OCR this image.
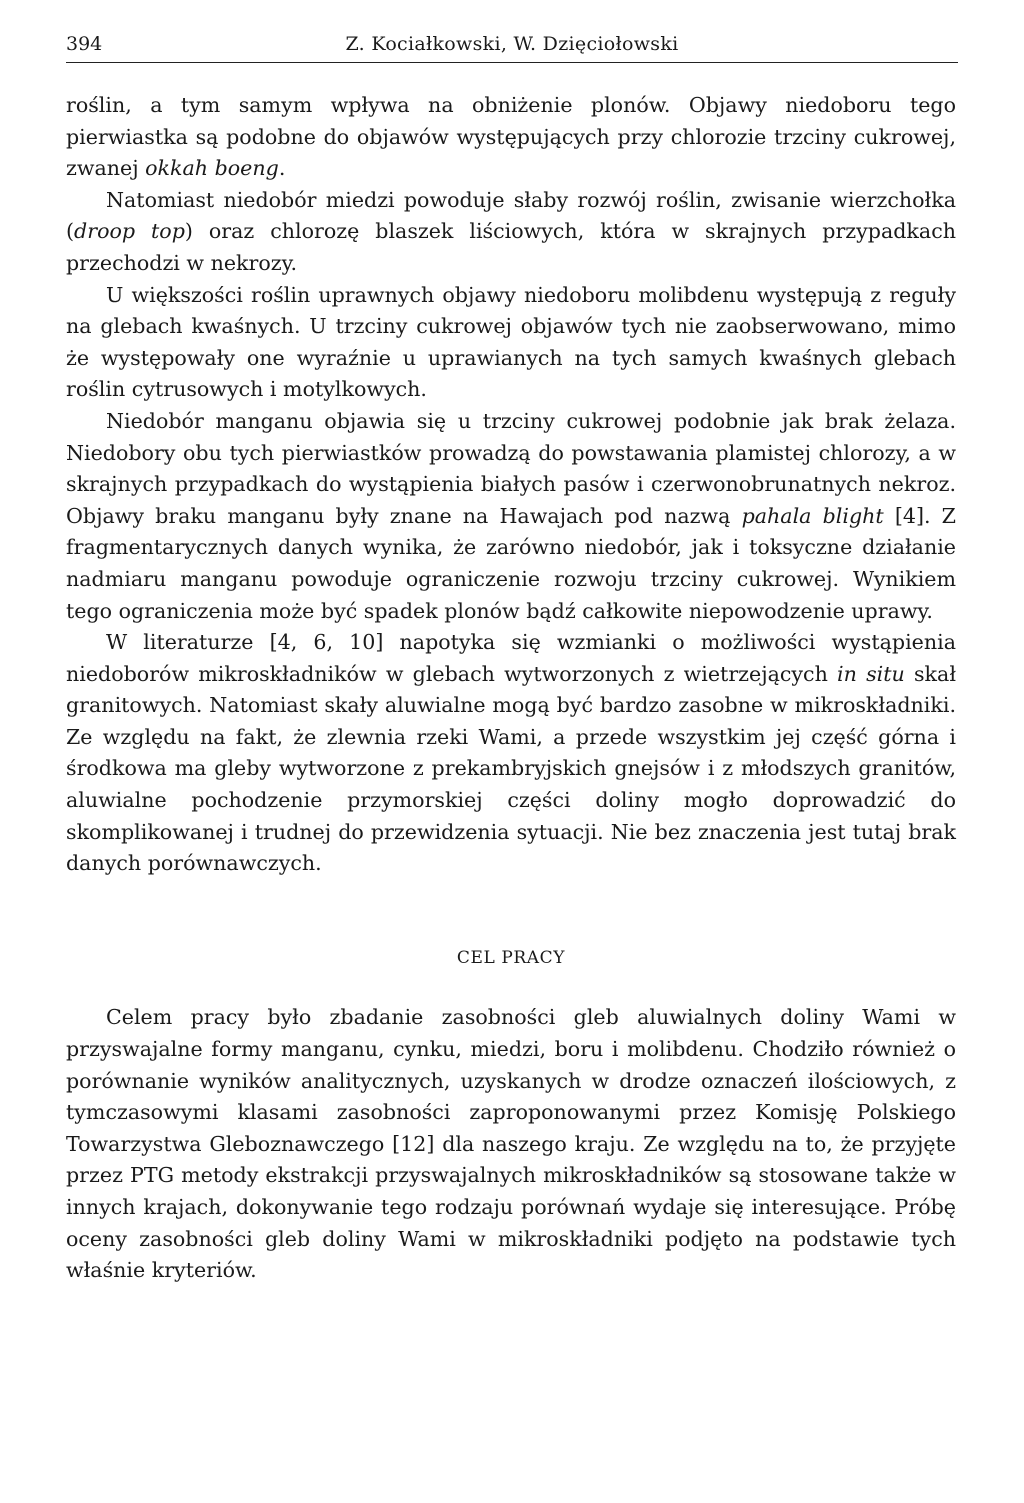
394	Z. Kociałkowski, W. Dzięciołowski

roślin, a tym samym wpływa na obniżenie plonów. Objawy niedoboru tego pierwiastka są podobne do objawów występujących przy chlorozie trzciny cukrowej, zwanej okkah boeng.

Natomiast niedobór miedzi powoduje słaby rozwój roślin, zwisanie wierzchołka (droop top) oraz chlorozę blaszek liściowych, która w skrajnych przypadkach przechodzi w nekrozy.

U większości roślin uprawnych objawy niedoboru molibdenu występują z reguły na glebach kwaśnych. U trzciny cukrowej objawów tych nie zaobserwowano, mimo że występowały one wyraźnie u uprawianych na tych samych kwaśnych glebach roślin cytrusowych i motylkowych.

Niedobór manganu objawia się u trzciny cukrowej podobnie jak brak żelaza. Niedobory obu tych pierwiastków prowadzą do powstawania plamistej chlorozy, a w skrajnych przypadkach do wystąpienia białych pasów i czerwonobrunatnych nekroz. Objawy braku manganu były znane na Hawajach pod nazwą pahala blight [4]. Z fragmentarycznych danych wynika, że zarówno niedobór, jak i toksyczne działanie nadmiaru manganu powoduje ograniczenie rozwoju trzciny cukrowej. Wynikiem tego ograniczenia może być spadek plonów bądź całkowite niepowodzenie uprawy.

W literaturze [4, 6, 10] napotyka się wzmianki o możliwości wystąpienia niedoborów mikroskładników w glebach wytworzonych z wietrzejących in situ skał granitowych. Natomiast skały aluwialne mogą być bardzo zasobne w mikroskładniki. Ze względu na fakt, że zlewnia rzeki Wami, a przede wszystkim jej część górna i środkowa ma gleby wytworzone z prekambryjskich gnejsów i z młodszych granitów, aluwialne pochodzenie przymorskiej części doliny mogło doprowadzić do skomplikowanej i trudnej do przewidzenia sytuacji. Nie bez znaczenia jest tutaj brak danych porównawczych.

CEL PRACY

Celem pracy było zbadanie zasobności gleb aluwialnych doliny Wami w przyswajalne formy manganu, cynku, miedzi, boru i molibdenu. Chodziło również o porównanie wyników analitycznych, uzyskanych w drodze oznaczeń ilościowych, z tymczasowymi klasami zasobności zaproponowanymi przez Komisję Polskiego Towarzystwa Gleboznawczego [12] dla naszego kraju. Ze względu na to, że przyjęte przez PTG metody ekstrakcji przyswajalnych mikroskładników są stosowane także w innych krajach, dokonywanie tego rodzaju porównań wydaje się interesujące. Próbę oceny zasobności gleb doliny Wami w mikroskładniki podjęto na podstawie tych właśnie kryteriów.
